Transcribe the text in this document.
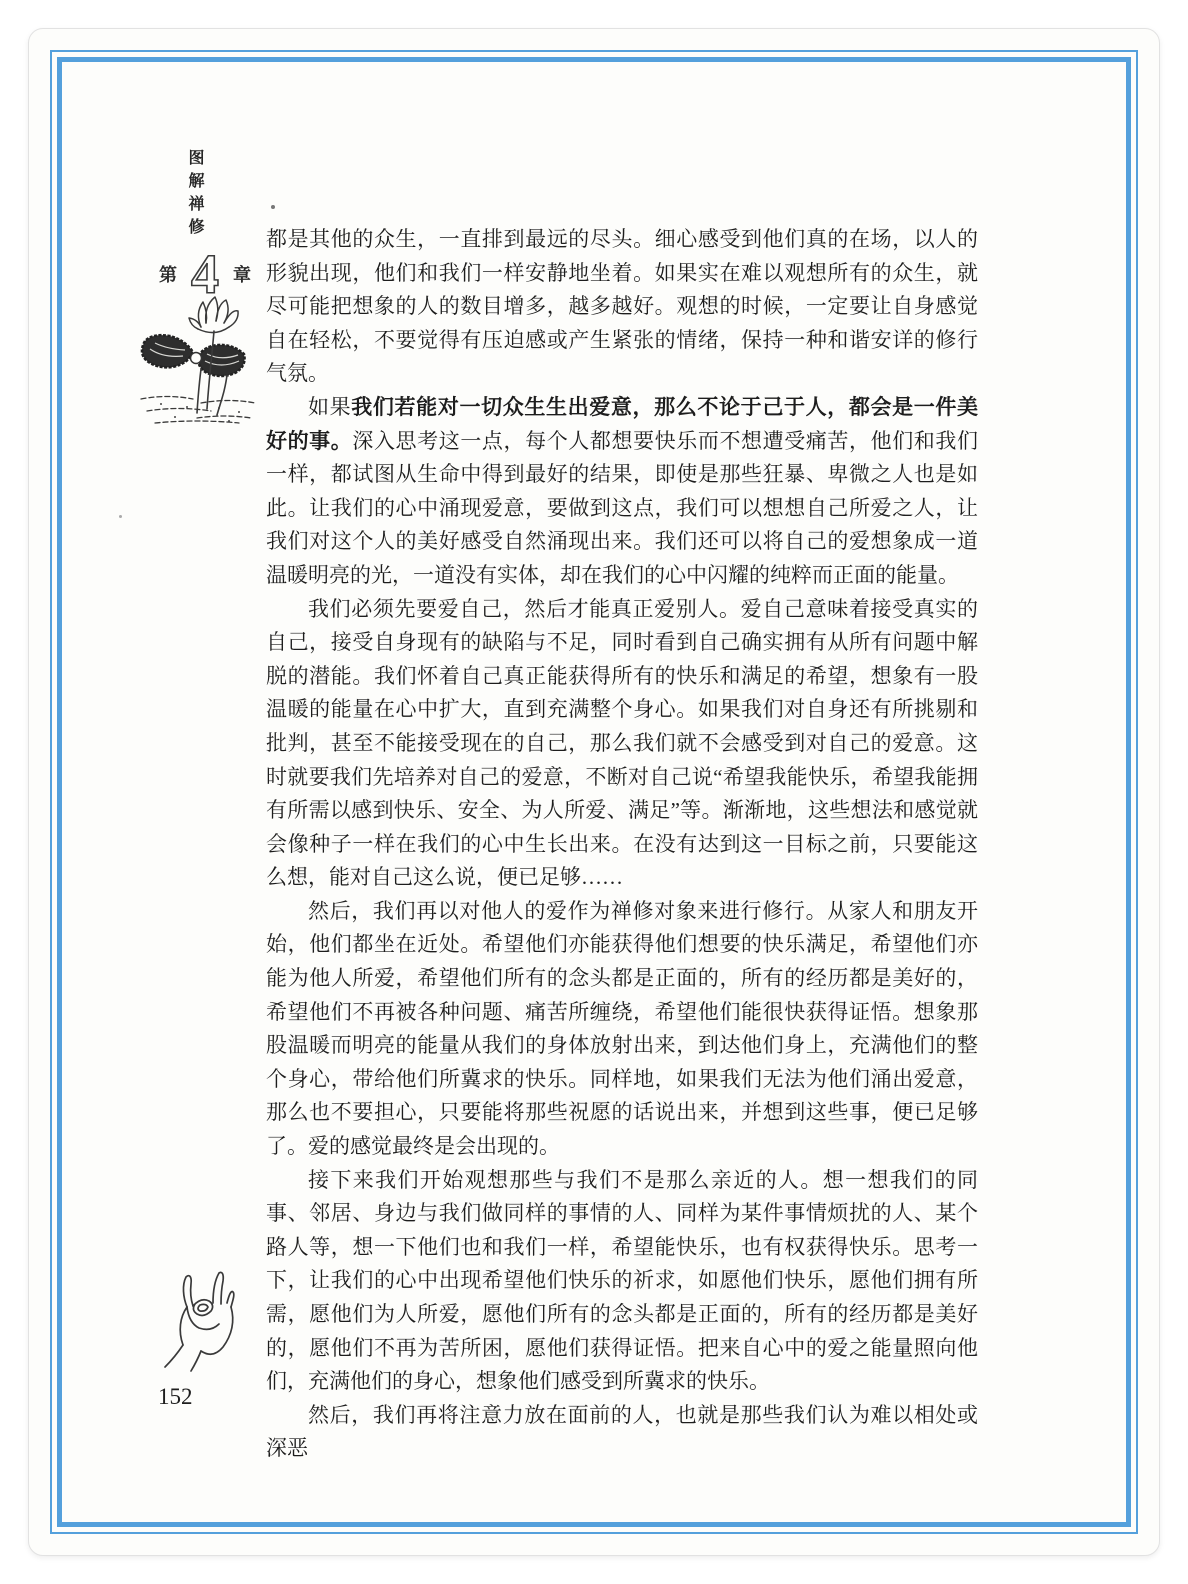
图解禅修
第 4 章

都是其他的众生，一直排到最远的尽头。细心感受到他们真的在场，以人的形貌出现，他们和我们一样安静地坐着。如果实在难以观想所有的众生，就尽可能把想象的人的数目增多，越多越好。观想的时候，一定要让自身感觉自在轻松，不要觉得有压迫感或产生紧张的情绪，保持一种和谐安详的修行气氛。

如果我们若能对一切众生生出爱意，那么不论于己于人，都会是一件美好的事。深入思考这一点，每个人都想要快乐而不想遭受痛苦，他们和我们一样，都试图从生命中得到最好的结果，即使是那些狂暴、卑微之人也是如此。让我们的心中涌现爱意，要做到这点，我们可以想想自己所爱之人，让我们对这个人的美好感受自然涌现出来。我们还可以将自己的爱想象成一道温暖明亮的光，一道没有实体，却在我们的心中闪耀的纯粹而正面的能量。

我们必须先要爱自己，然后才能真正爱别人。爱自己意味着接受真实的自己，接受自身现有的缺陷与不足，同时看到自己确实拥有从所有问题中解脱的潜能。我们怀着自己真正能获得所有的快乐和满足的希望，想象有一股温暖的能量在心中扩大，直到充满整个身心。如果我们对自身还有所挑剔和批判，甚至不能接受现在的自己，那么我们就不会感受到对自己的爱意。这时就要我们先培养对自己的爱意，不断对自己说“希望我能快乐，希望我能拥有所需以感到快乐、安全、为人所爱、满足”等。渐渐地，这些想法和感觉就会像种子一样在我们的心中生长出来。在没有达到这一目标之前，只要能这么想，能对自己这么说，便已足够……

然后，我们再以对他人的爱作为禅修对象来进行修行。从家人和朋友开始，他们都坐在近处。希望他们亦能获得他们想要的快乐满足，希望他们亦能为他人所爱，希望他们所有的念头都是正面的，所有的经历都是美好的，希望他们不再被各种问题、痛苦所缠绕，希望他们能很快获得证悟。想象那股温暖而明亮的能量从我们的身体放射出来，到达他们身上，充满他们的整个身心，带给他们所冀求的快乐。同样地，如果我们无法为他们涌出爱意，那么也不要担心，只要能将那些祝愿的话说出来，并想到这些事，便已足够了。爱的感觉最终是会出现的。

接下来我们开始观想那些与我们不是那么亲近的人。想一想我们的同事、邻居、身边与我们做同样的事情的人、同样为某件事情烦扰的人、某个路人等，想一下他们也和我们一样，希望能快乐，也有权获得快乐。思考一下，让我们的心中出现希望他们快乐的祈求，如愿他们快乐，愿他们拥有所需，愿他们为人所爱，愿他们所有的念头都是正面的，所有的经历都是美好的，愿他们不再为苦所困，愿他们获得证悟。把来自心中的爱之能量照向他们，充满他们的身心，想象他们感受到所冀求的快乐。

然后，我们再将注意力放在面前的人，也就是那些我们认为难以相处或深恶

152
